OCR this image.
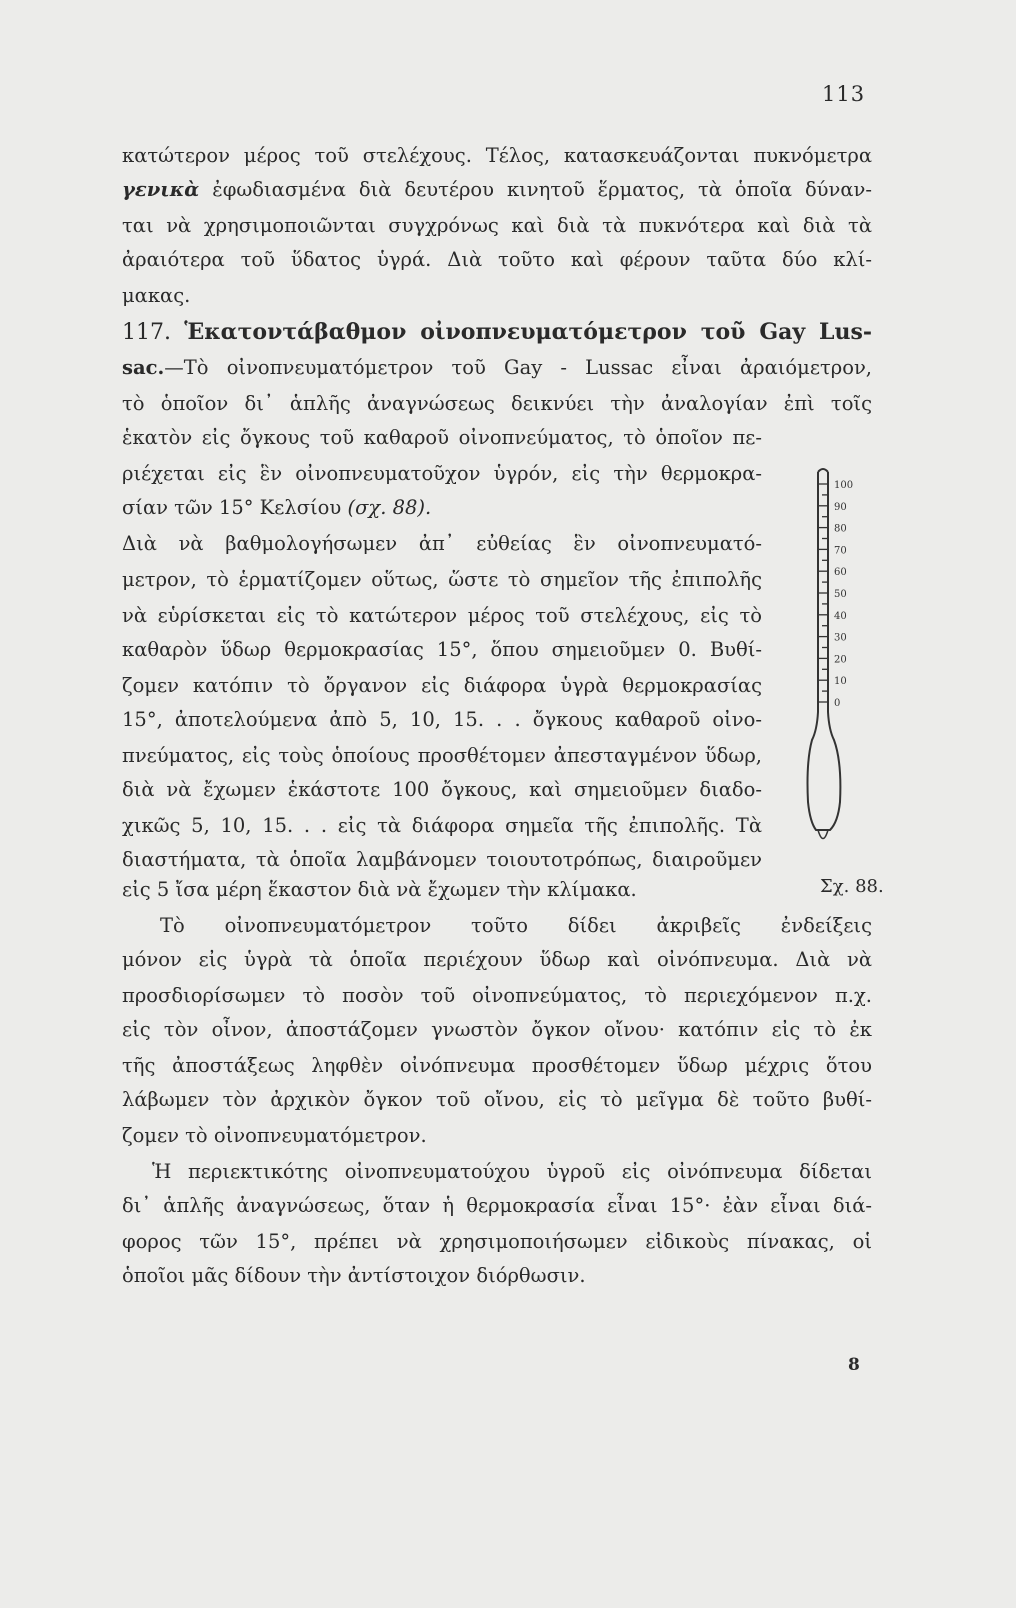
113
κατώτερον μέρος τοῦ στελέχους. Τέλος, κατασκευάζονται πυκνόμετρα
γενικὰ ἐφωδιασμένα διὰ δευτέρου κινητοῦ ἕρματος, τὰ ὁποῖα δύναν-
ται νὰ χρησιμοποιῶνται συγχρόνως καὶ διὰ τὰ πυκνότερα καὶ διὰ τὰ
ἀραιότερα τοῦ ὕδατος ὑγρά. Διὰ τοῦτο καὶ φέρουν ταῦτα δύο κλί-
μακας.
117. Ἑκατοντάβαθμον οἰνοπνευματόμετρον τοῦ Gay Lus-
sac.—Τὸ οἰνοπνευματόμετρον τοῦ Gay - Lussac εἶναι ἀραιόμετρον,
τὸ ὁποῖον δι᾽ ἁπλῆς ἀναγνώσεως δεικνύει τὴν ἀναλογίαν ἐπὶ τοῖς
ἑκατὸν εἰς ὄγκους τοῦ καθαροῦ οἰνοπνεύματος, τὸ ὁποῖον πε-
ριέχεται εἰς ἓν οἰνοπνευματοῦχον ὑγρόν, εἰς τὴν θερμοκρα-
σίαν τῶν 15° Κελσίου (σχ. 88).
Διὰ νὰ βαθμολογήσωμεν ἀπ᾽ εὐθείας ἓν οἰνοπνευματό-
μετρον, τὸ ἑρματίζομεν οὕτως, ὥστε τὸ σημεῖον τῆς ἐπιπολῆς
νὰ εὑρίσκεται εἰς τὸ κατώτερον μέρος τοῦ στελέχους, εἰς τὸ
καθαρὸν ὕδωρ θερμοκρασίας 15°, ὅπου σημειοῦμεν 0. Βυθί-
ζομεν κατόπιν τὸ ὄργανον εἰς διάφορα ὑγρὰ θερμοκρασίας
15°, ἀποτελούμενα ἀπὸ 5, 10, 15. . . ὄγκους καθαροῦ οἰνο-
πνεύματος, εἰς τοὺς ὁποίους προσθέτομεν ἀπεσταγμένον ὕδωρ,
διὰ νὰ ἔχωμεν ἑκάστοτε 100 ὄγκους, καὶ σημειοῦμεν διαδο-
χικῶς 5, 10, 15. . . εἰς τὰ διάφορα σημεῖα τῆς ἐπιπολῆς. Τὰ
διαστήματα, τὰ ὁποῖα λαμβάνομεν τοιουτοτρόπως, διαιροῦμεν
εἰς 5 ἴσα μέρη ἕκαστον διὰ νὰ ἔχωμεν τὴν κλίμακα.	Σχ. 88.
Τὸ οἰνοπνευματόμετρον τοῦτο δίδει ἀκριβεῖς ἐνδείξεις
μόνον εἰς ὑγρὰ τὰ ὁποῖα περιέχουν ὕδωρ καὶ οἰνόπνευμα. Διὰ νὰ
προσδιορίσωμεν τὸ ποσὸν τοῦ οἰνοπνεύματος, τὸ περιεχόμενον π.χ.
εἰς τὸν οἶνον, ἀποστάζομεν γνωστὸν ὄγκον οἴνου· κατόπιν εἰς τὸ ἐκ
τῆς ἀποστάξεως ληφθὲν οἰνόπνευμα προσθέτομεν ὕδωρ μέχρις ὅτου
λάβωμεν τὸν ἀρχικὸν ὄγκον τοῦ οἴνου, εἰς τὸ μεῖγμα δὲ τοῦτο βυθί-
ζομεν τὸ οἰνοπνευματόμετρον.
Ἡ περιεκτικότης οἰνοπνευματούχου ὑγροῦ εἰς οἰνόπνευμα δίδεται
δι᾽ ἁπλῆς ἀναγνώσεως, ὅταν ἡ θερμοκρασία εἶναι 15°· ἐὰν εἶναι διά-
φορος τῶν 15°, πρέπει νὰ χρησιμοποιήσωμεν εἰδικοὺς πίνακας, οἱ
ὁποῖοι μᾶς δίδουν τὴν ἀντίστοιχον διόρθωσιν.
100
90
80
70
60
50
40
30
20
10
0
8
